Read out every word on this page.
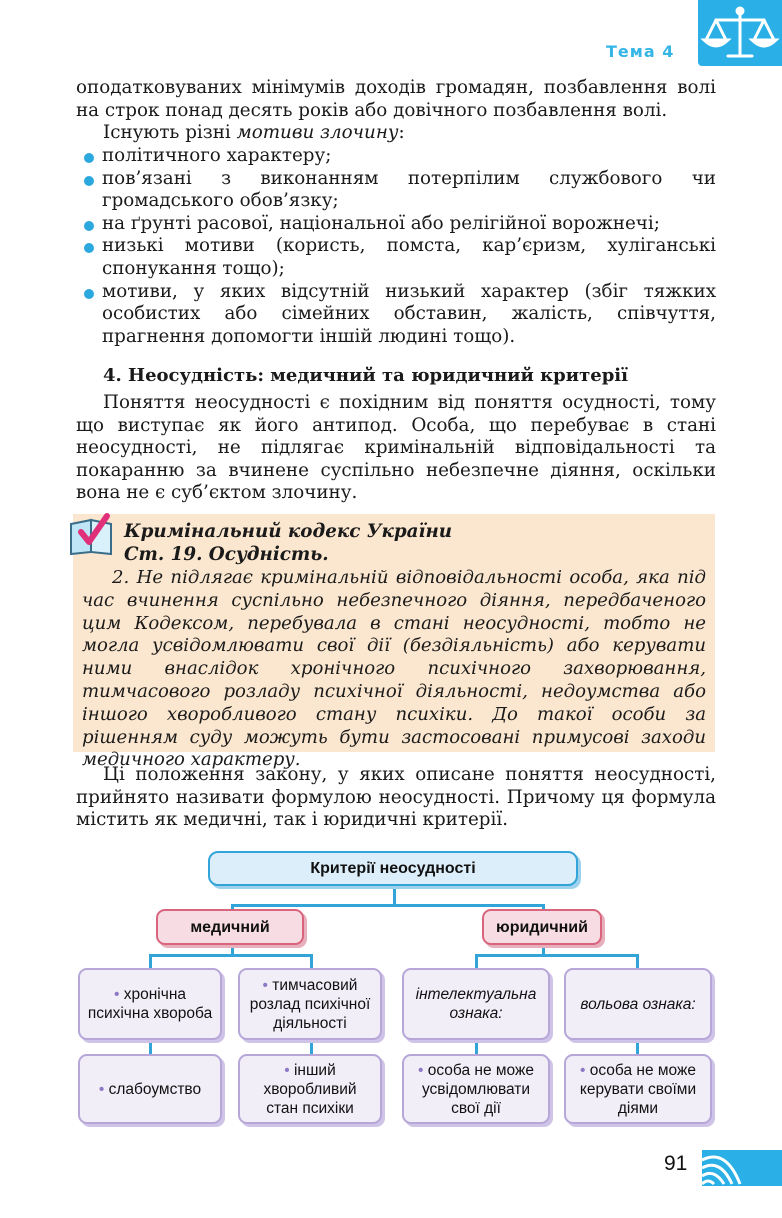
Тема 4

оподатковуваних мінімумів доходів громадян, позбавлення волі на строк понад десять років або довічного позбавлення волі.

Існують різні мотиви злочину:

політичного характеру;
пов’язані з виконанням потерпілим службового чи громадського обов’язку;
на ґрунті расової, національної або релігійної ворожнечі;
низькі мотиви (користь, помста, кар’єризм, хуліганські спонукання тощо);
мотиви, у яких відсутній низький характер (збіг тяжких особистих або сімейних обставин, жалість, співчуття, прагнення допомогти іншій людині тощо).
4. Неосудність: медичний та юридичний критерії

Поняття неосудності є похідним від поняття осудності, тому що виступає як його антипод. Особа, що перебуває в стані неосудності, не підлягає кримінальній відповідальності та покаранню за вчинене суспільно небезпечне діяння, оскільки вона не є суб’єктом злочину.

Кримінальний кодекс України

Ст. 19. Осудність.

2. Не підлягає кримінальній відповідальності особа, яка під час вчинення суспільно небезпечного діяння, передбаченого цим Кодексом, перебувала в стані неосудності, тобто не могла усвідомлювати свої дії (бездіяльність) або керувати ними внаслідок хронічного психічного захворювання, тимчасового розладу психічної діяльності, недоумства або іншого хворобливого стану психіки. До такої особи за рішенням суду можуть бути застосовані примусові заходи медичного характеру.

Ці положення закону, у яких описане поняття неосудності, прийнято називати формулою неосудності. Причому ця формула містить як медичні, так і юридичні критерії.

Критерії неосудності
медичний	юридичний
• хронічна психічна хвороба
• тимчасовий розлад психічної діяльності
інтелектуальна ознака:
вольова ознака:
• слабоумство
• інший хворобливий стан психіки
• особа не може усвідомлювати свої дії
• особа не може керувати своїми діями
91
